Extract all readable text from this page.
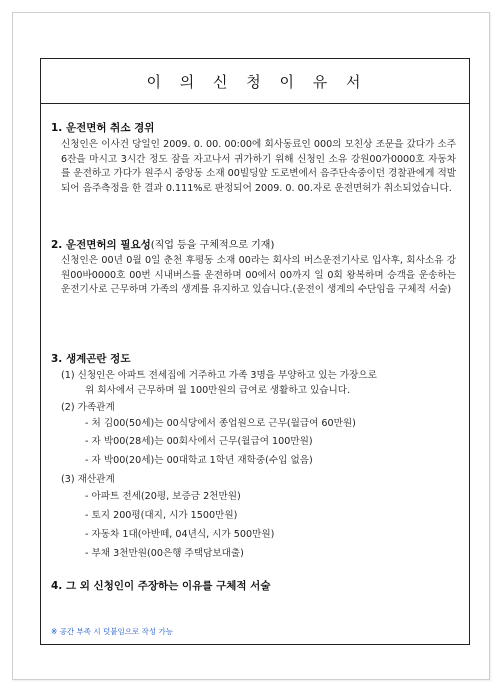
이 의 신 청 이 유 서
1. 운전면허 취소 경위
신청인은 이사건 당일인 2009. 0. 00. 00:00에 회사동료인 000의 모친상 조문을 갔다가 소주 6잔을 마시고 3시간 정도 잠을 자고나서 귀가하기 위해 신청인 소유 강원00가0000호 자동차를 운전하고 가다가 원주시 중앙동 소재 00빌딩앞 도로변에서 음주단속중이던 경찰관에게 적발되어 음주측정을 한 결과 0.111%로 판정되어 2009. 0. 00.자로 운전면허가 취소되었습니다.
2. 운전면허의 필요성(직업 등을 구체적으로 기재)
신청인은 00년 0월 0일 춘천 후평동 소재 00라는 회사의 버스운전기사로 입사후, 회사소유 강원00바0000호 00번 시내버스를 운전하며 00에서 00까지 일 0회 왕복하며 승객을 운송하는 운전기사로 근무하며 가족의 생계를 유지하고 있습니다.(운전이 생계의 수단임을 구체적 서술)
3. 생계곤란 정도
(1) 신청인은 아파트 전세집에 거주하고 가족 3명을 부양하고 있는 가장으로
위 회사에서 근무하며 월 100만원의 급여로 생활하고 있습니다.
(2) 가족관계
- 처 김00(50세)는 00식당에서 종업원으로 근무(월급여 60만원)
- 자 박00(28세)는 00회사에서 근무(월급여 100만원)
- 자 박00(20세)는 00대학교 1학년 재학중(수입 없음)
(3) 재산관계
- 아파트 전세(20평, 보증금 2천만원)
- 토지 200평(대지, 시가 1500만원)
- 자동차 1대(아반떼, 04년식, 시가 500만원)
- 부채 3천만원(00은행 주택담보대출)
4. 그 외 신청인이 주장하는 이유를 구체적 서술
※ 공간 부족 시 덧붙임으로 작성 가능
